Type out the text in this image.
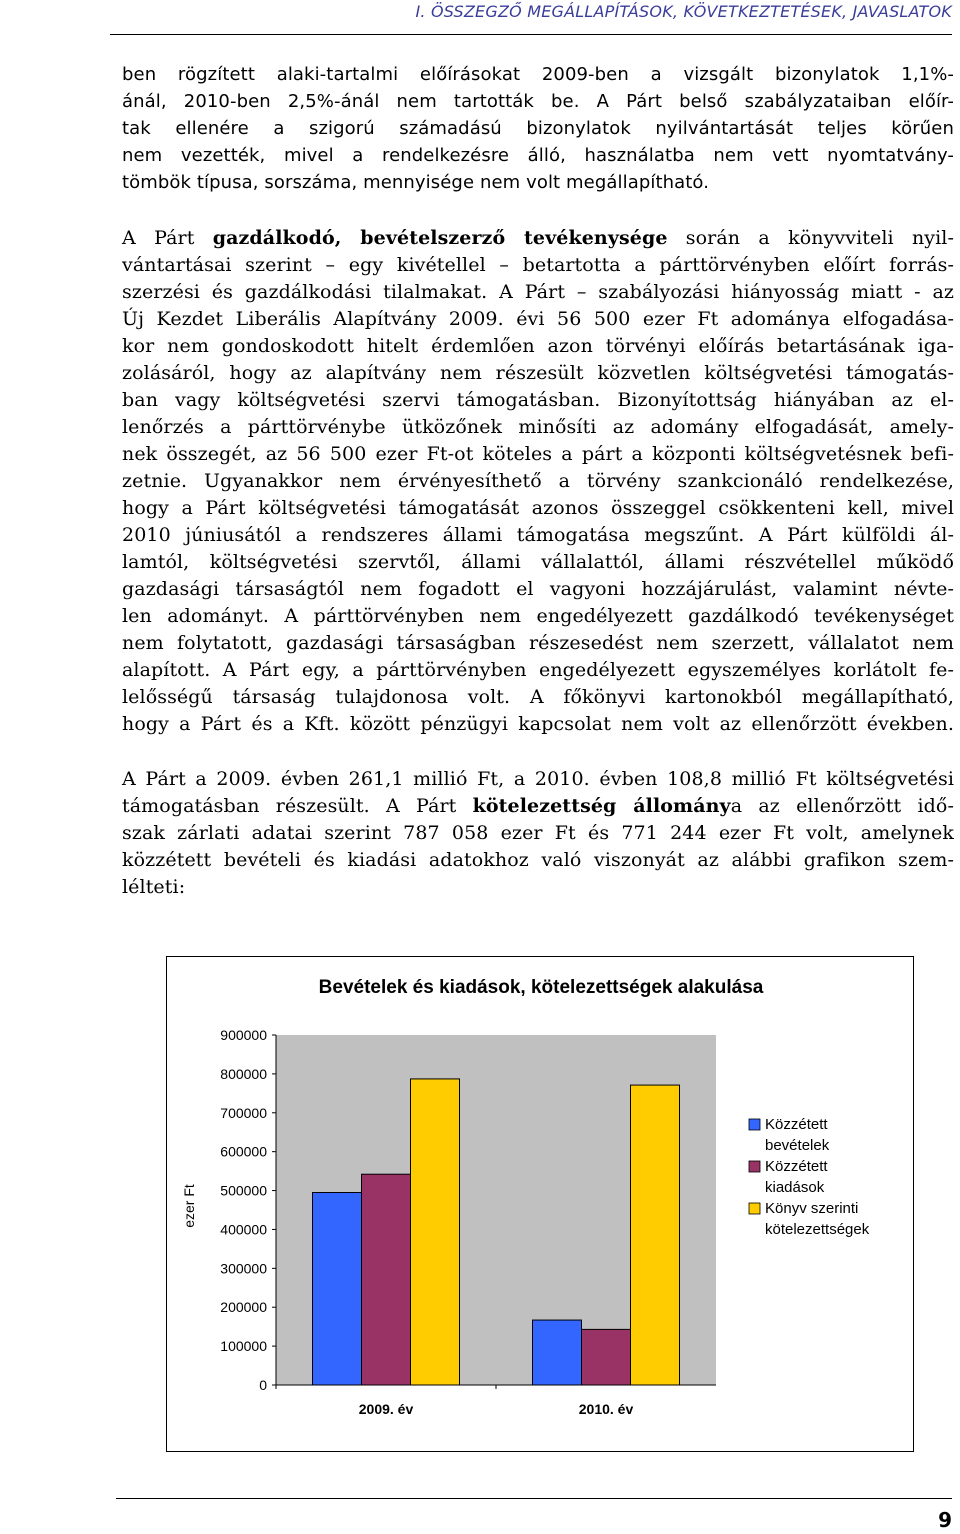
I. ÖSSZEGZŐ MEGÁLLAPÍTÁSOK, KÖVETKEZTETÉSEK, JAVASLATOK
ben rögzített alaki-tartalmi előírásokat 2009-ben a vizsgált bizonylatok 1,1%-
ánál, 2010-ben 2,5%-ánál nem tartották be. A Párt belső szabályzataiban előír-
tak ellenére a szigorú számadású bizonylatok nyilvántartását teljes körűen
nem vezették, mivel a rendelkezésre álló, használatba nem vett nyomtatvány-
tömbök típusa, sorszáma, mennyisége nem volt megállapítható.
A Párt gazdálkodó, bevételszerző tevékenysége során a könyvviteli nyil-
vántartásai szerint – egy kivétellel – betartotta a párttörvényben előírt forrás-
szerzési és gazdálkodási tilalmakat. A Párt – szabályozási hiányosság miatt - az
Új Kezdet Liberális Alapítvány 2009. évi 56 500 ezer Ft adománya elfogadása-
kor nem gondoskodott hitelt érdemlően azon törvényi előírás betartásának iga-
zolásáról, hogy az alapítvány nem részesült közvetlen költségvetési támogatás-
ban vagy költségvetési szervi támogatásban. Bizonyítottság hiányában az el-
lenőrzés a párttörvénybe ütközőnek minősíti az adomány elfogadását, amely-
nek összegét, az 56 500 ezer Ft-ot köteles a párt a központi költségvetésnek befi-
zetnie. Ugyanakkor nem érvényesíthető a törvény szankcionáló rendelkezése,
hogy a Párt költségvetési támogatását azonos összeggel csökkenteni kell, mivel
2010 júniusától a rendszeres állami támogatása megszűnt. A Párt külföldi ál-
lamtól, költségvetési szervtől, állami vállalattól, állami részvétellel működő
gazdasági társaságtól nem fogadott el vagyoni hozzájárulást, valamint névte-
len adományt. A párttörvényben nem engedélyezett gazdálkodó tevékenységet
nem folytatott, gazdasági társaságban részesedést nem szerzett, vállalatot nem
alapított. A Párt egy, a párttörvényben engedélyezett egyszemélyes korlátolt fe-
lelősségű társaság tulajdonosa volt. A főkönyvi kartonokból megállapítható,
hogy a Párt és a Kft. között pénzügyi kapcsolat nem volt az ellenőrzött években.
A Párt a 2009. évben 261,1 millió Ft, a 2010. évben 108,8 millió Ft költségvetési
támogatásban részesült. A Párt kötelezettség állománya az ellenőrzött idő-
szak zárlati adatai szerint 787 058 ezer Ft és 771 244 ezer Ft volt, amelynek
közzétett bevételi és kiadási adatokhoz való viszonyát az alábbi grafikon szem-
lélteti:
Bevételek és kiadások, kötelezettségek alakulása
0
100000
200000
300000
400000
500000
600000
700000
800000
900000
ezer Ft
2009. év	2010. év
Közzétett
bevételek
Közzétett
kiadások
Könyv szerinti
kötelezettségek
9
